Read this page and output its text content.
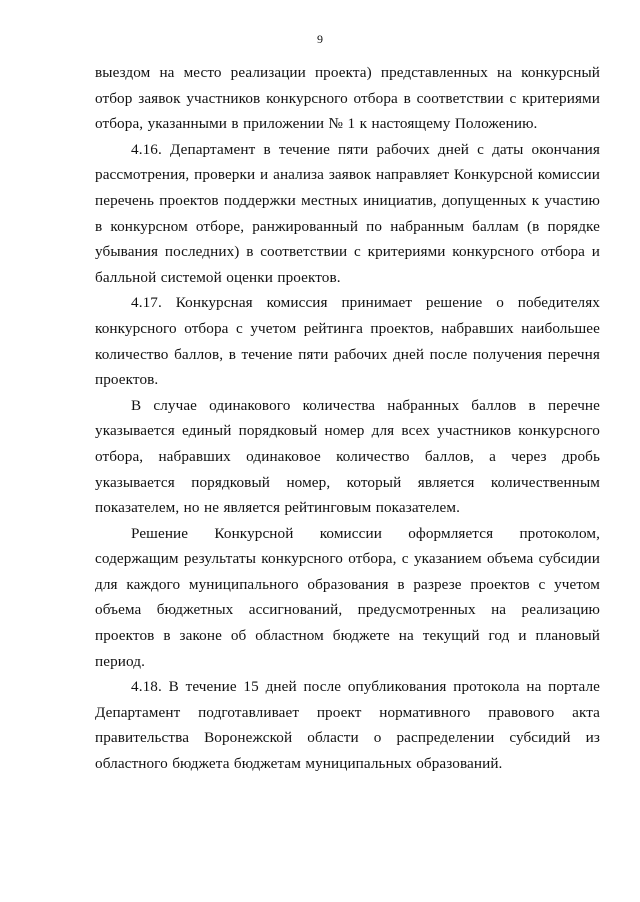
9

выездом на место реализации проекта) представленных на конкурсный отбор заявок участников конкурсного отбора в соответствии с критериями отбора, указанными в приложении № 1 к настоящему Положению.

4.16. Департамент в течение пяти рабочих дней с даты окончания рассмотрения, проверки и анализа заявок направляет Конкурсной комиссии перечень проектов поддержки местных инициатив, допущенных к участию в конкурсном отборе, ранжированный по набранным баллам (в порядке убывания последних) в соответствии с критериями конкурсного отбора и балльной системой оценки проектов.

4.17. Конкурсная комиссия принимает решение о победителях конкурсного отбора с учетом рейтинга проектов, набравших наибольшее количество баллов, в течение пяти рабочих дней после получения перечня проектов.

В случае одинакового количества набранных баллов в перечне указывается единый порядковый номер для всех участников конкурсного отбора, набравших одинаковое количество баллов, а через дробь указывается порядковый номер, который является количественным показателем, но не является рейтинговым показателем.

Решение Конкурсной комиссии оформляется протоколом, содержащим результаты конкурсного отбора, с указанием объема субсидии для каждого муниципального образования в разрезе проектов с учетом объема бюджетных ассигнований, предусмотренных на реализацию проектов в законе об областном бюджете на текущий год и плановый период.

4.18. В течение 15 дней после опубликования протокола на портале Департамент подготавливает проект нормативного правового акта правительства Воронежской области о распределении субсидий из областного бюджета бюджетам муниципальных образований.
